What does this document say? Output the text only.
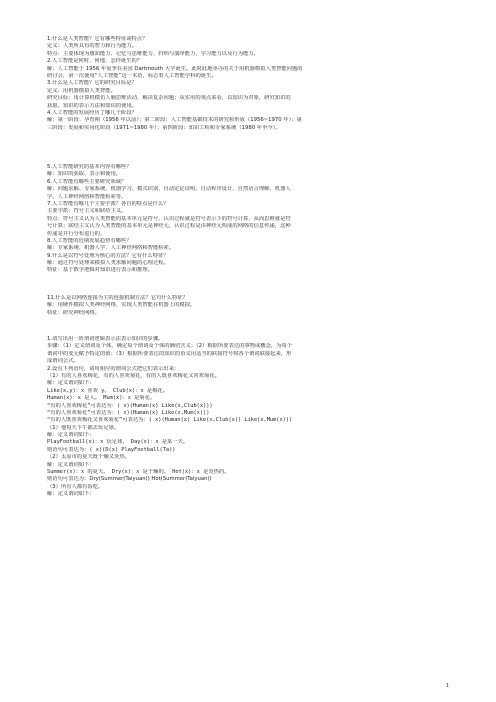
1.什么是人类智能？它有哪些特征或特点？
定义：人类所具有的智力和行为能力。
特点：主要体现为感知能力、记忆与思维能力、归纳与演绎能力、学习能力以及行为能力。
2.人工智能是何时、何地、怎样诞生的？
解：人工智能于 1956 年夏季在美国 Dartmouth 大学诞生。此时此地举办的关于用机器模拟人类智能问题的
研讨会，第一次使用“人工智能”这一术语，标志着人工智能学科的诞生。
3.什么是人工智能？它的研究目标是？
定义：用机器模拟人类智能。
研究目标：用计算机模仿人脑思维活动，解决复杂问题；从实用的观点来看，以知识为对象，研究知识的
获取、知识的表示方法和知识的使用。
4.人工智能的发展经历了哪几个阶段？
解：第一阶段：孕育期（1956 年以前）；第二阶段：人工智能基础技术的研究和形成（1956~1970 年）；第
三阶段：发展和实用化阶段（1971~1980 年）；第四阶段：知识工程和专家系统（1980 年至今）。
5.人工智能研究的基本内容有哪些？
解：知识的获取、表示和使用。
6.人工智能有哪些主要研究领域？
解：问题求解、专家系统、机器学习、模式识别、自动定论证明、自动程序设计、自然语言理解、机器人
学、人工神经网络和智能检索等。
7.人工智能有哪几个主要学派？各自的特点是什么？
主要学派：符号主义和联结主义。
特点：符号主义认为人类智能的基本单元是符号，认识过程就是符号表示下的符号计算，从而思维就是符
号计算；联结主义认为人类智能的基本单元是神经元，认识过程是由神经元构成的网络的信息传递，这种
传递是并行分布进行的。
8.人工智能的近期发展趋势有哪些？
解：专家系统、机器人学、人工神经网络和智能检索。
9.什么是以符号处理为核心的方法？它有什么特征？
解：通过符号处理来模拟人类求解问题的心理过程。
特征：基于数学逻辑对知识进行表示和推理。
11.什么是以网络连接为主的连接机制方法？它有什么特征？
解：用硬件模拟人类神经网络，实现人类智能在机器上的模拟。
特征：研究神经网络。
1.请写出用一阶谓词逻辑表示法表示知识的步骤。
步骤：（1）定义谓词及个体，确定每个谓词及个体的确切含义；（2）根据所要表达的事物或概念，为每个
谓词中的变元赋予特定的值；（3）根据所要表达的知识的语义用适当的联接符号将各个谓词联接起来，形
成谓词公式。
2.设有下列语句，请用相应的谓词公式把它们表示出来：
（1）有的人喜欢梅花，有的人喜欢菊花，有的人既喜欢梅花又喜欢菊花。
解：定义谓词如下：
Like(x,y)：x 喜欢 y。 Club(x)：x 是梅花。
Human(x)：x 是人。 Mum(x)：x 是菊花。
“有的人喜欢梅花”可表达为：( x)(Human(x) Like(x,Club(x)))
“有的人喜欢菊花”可表达为：( x)(Human(x) Like(x,Mum(x)))
“有的人既喜欢梅花又喜欢菊花”可表达为：( x)(Human(x) Like(x,Club(x)) Like(x,Mum(x)))
（1）他每天下午都去玩足球。
解：定义谓词如下：
PlayFootball(x)：x 玩足球。 Day(x)：x 是某一天。
则语句可表达为：( x)(D(x) PlayFootball(Ta))
（2）太原市的夏天既干燥又炎热。
解：定义谓词如下：
Summer(x)：x 的夏天。 Dry(x)：x 是干燥的。 Hot(x)：x 是炎热的。
则语句可表达为：Dry(Summer(Taiyuan)) Hot(Summer(Taiyuan))
（3）所有人都有饭吃。
解：定义谓词如下：
1
